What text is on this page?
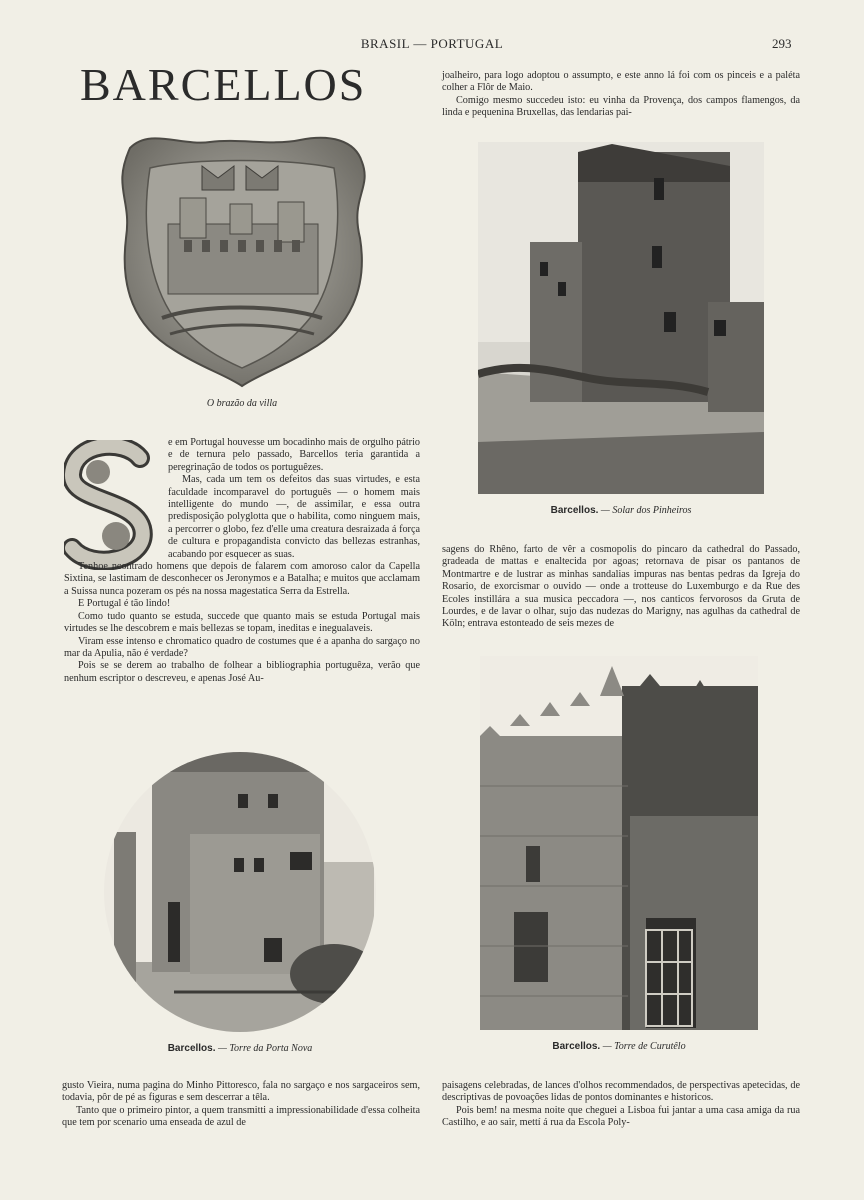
BRASIL — PORTUGAL	293
BARCELLOS	joalheiro, para logo adoptou o assumpto, e este anno lá foi com os pinceis e a paléta colher a Flôr de Maio.

Comigo mesmo succedeu isto: eu vinha da Provença, dos campos flamengos, da linda e pequenina Bruxellas, das lendarias pai-

O brazão da villa
Barcellos. — Solar dos Pinheiros

e em Portugal houvesse um bocadinho mais de orgulho pátrio e de ternura pelo passado, Barcellos teria garantida a peregrinação de todos os portuguêzes.

Mas, cada um tem os defeitos das suas virtudes, e esta faculdade incomparavel do português — o homem mais intelligente do mundo —, de assimilar, e essa outra predisposição polyglotta que o habilita, como ninguem mais, a percorrer o globo, fez d'elle uma creatura desraizada á força de cultura e propagandista convicto das bellezas estranhas, acabando por esquecer as suas.

Tenhoe ncontrado homens que depois de falarem com amoroso calor da Capella Sixtina, se lastimam de desconhecer os Jeronymos e a Batalha; e muitos que acclamam a Suissa nunca pozeram os pés na nossa magestatica Serra da Estrella.

E Portugal é tão lindo!

Como tudo quanto se estuda, succede que quanto mais se estuda Portugal mais virtudes se lhe descobrem e mais bellezas se topam, ineditas e inegualaveis.

Viram esse intenso e chromatico quadro de costumes que é a apanha do sargaço no mar da Apulia, não é verdade?

Pois se se derem ao trabalho de folhear a bibliographia portuguêza, verão que nenhum escriptor o descreveu, e apenas José Au-

sagens do Rhêno, farto de vêr a cosmopolis do pincaro da cathedral do Passado, gradeada de mattas e enaltecida por agoas; retornava de pisar os pantanos de Montmartre e de lustrar as minhas sandalias impuras nas bentas pedras da Igreja do Rosario, de exorcismar o ouvido — onde a trotteuse do Luxemburgo e da Rue des Ecoles instillára a sua musica peccadora —, nos canticos fervorosos da Gruta de Lourdes, e de lavar o olhar, sujo das nudezas do Marigny, nas agulhas da cathedral de Köln; entrava estonteado de seis mezes de

Barcellos. — Torre da Porta Nova	Barcellos. — Torre de Curutêlo

gusto Vieira, numa pagina do Minho Pittoresco, fala no sargaço e nos sargaceiros sem, todavia, pôr de pé as figuras e sem descerrar a têla.

Tanto que o primeiro pintor, a quem transmitti a impressionabilidade d'essa colheita que tem por scenario uma enseada de azul de

paisagens celebradas, de lances d'olhos recommendados, de perspectivas apetecidas, de descriptivas de povoações lidas de pontos dominantes e historicos.

Pois bem! na mesma noite que cheguei a Lisboa fui jantar a uma casa amiga da rua Castilho, e ao sair, mettí á rua da Escola Poly-
